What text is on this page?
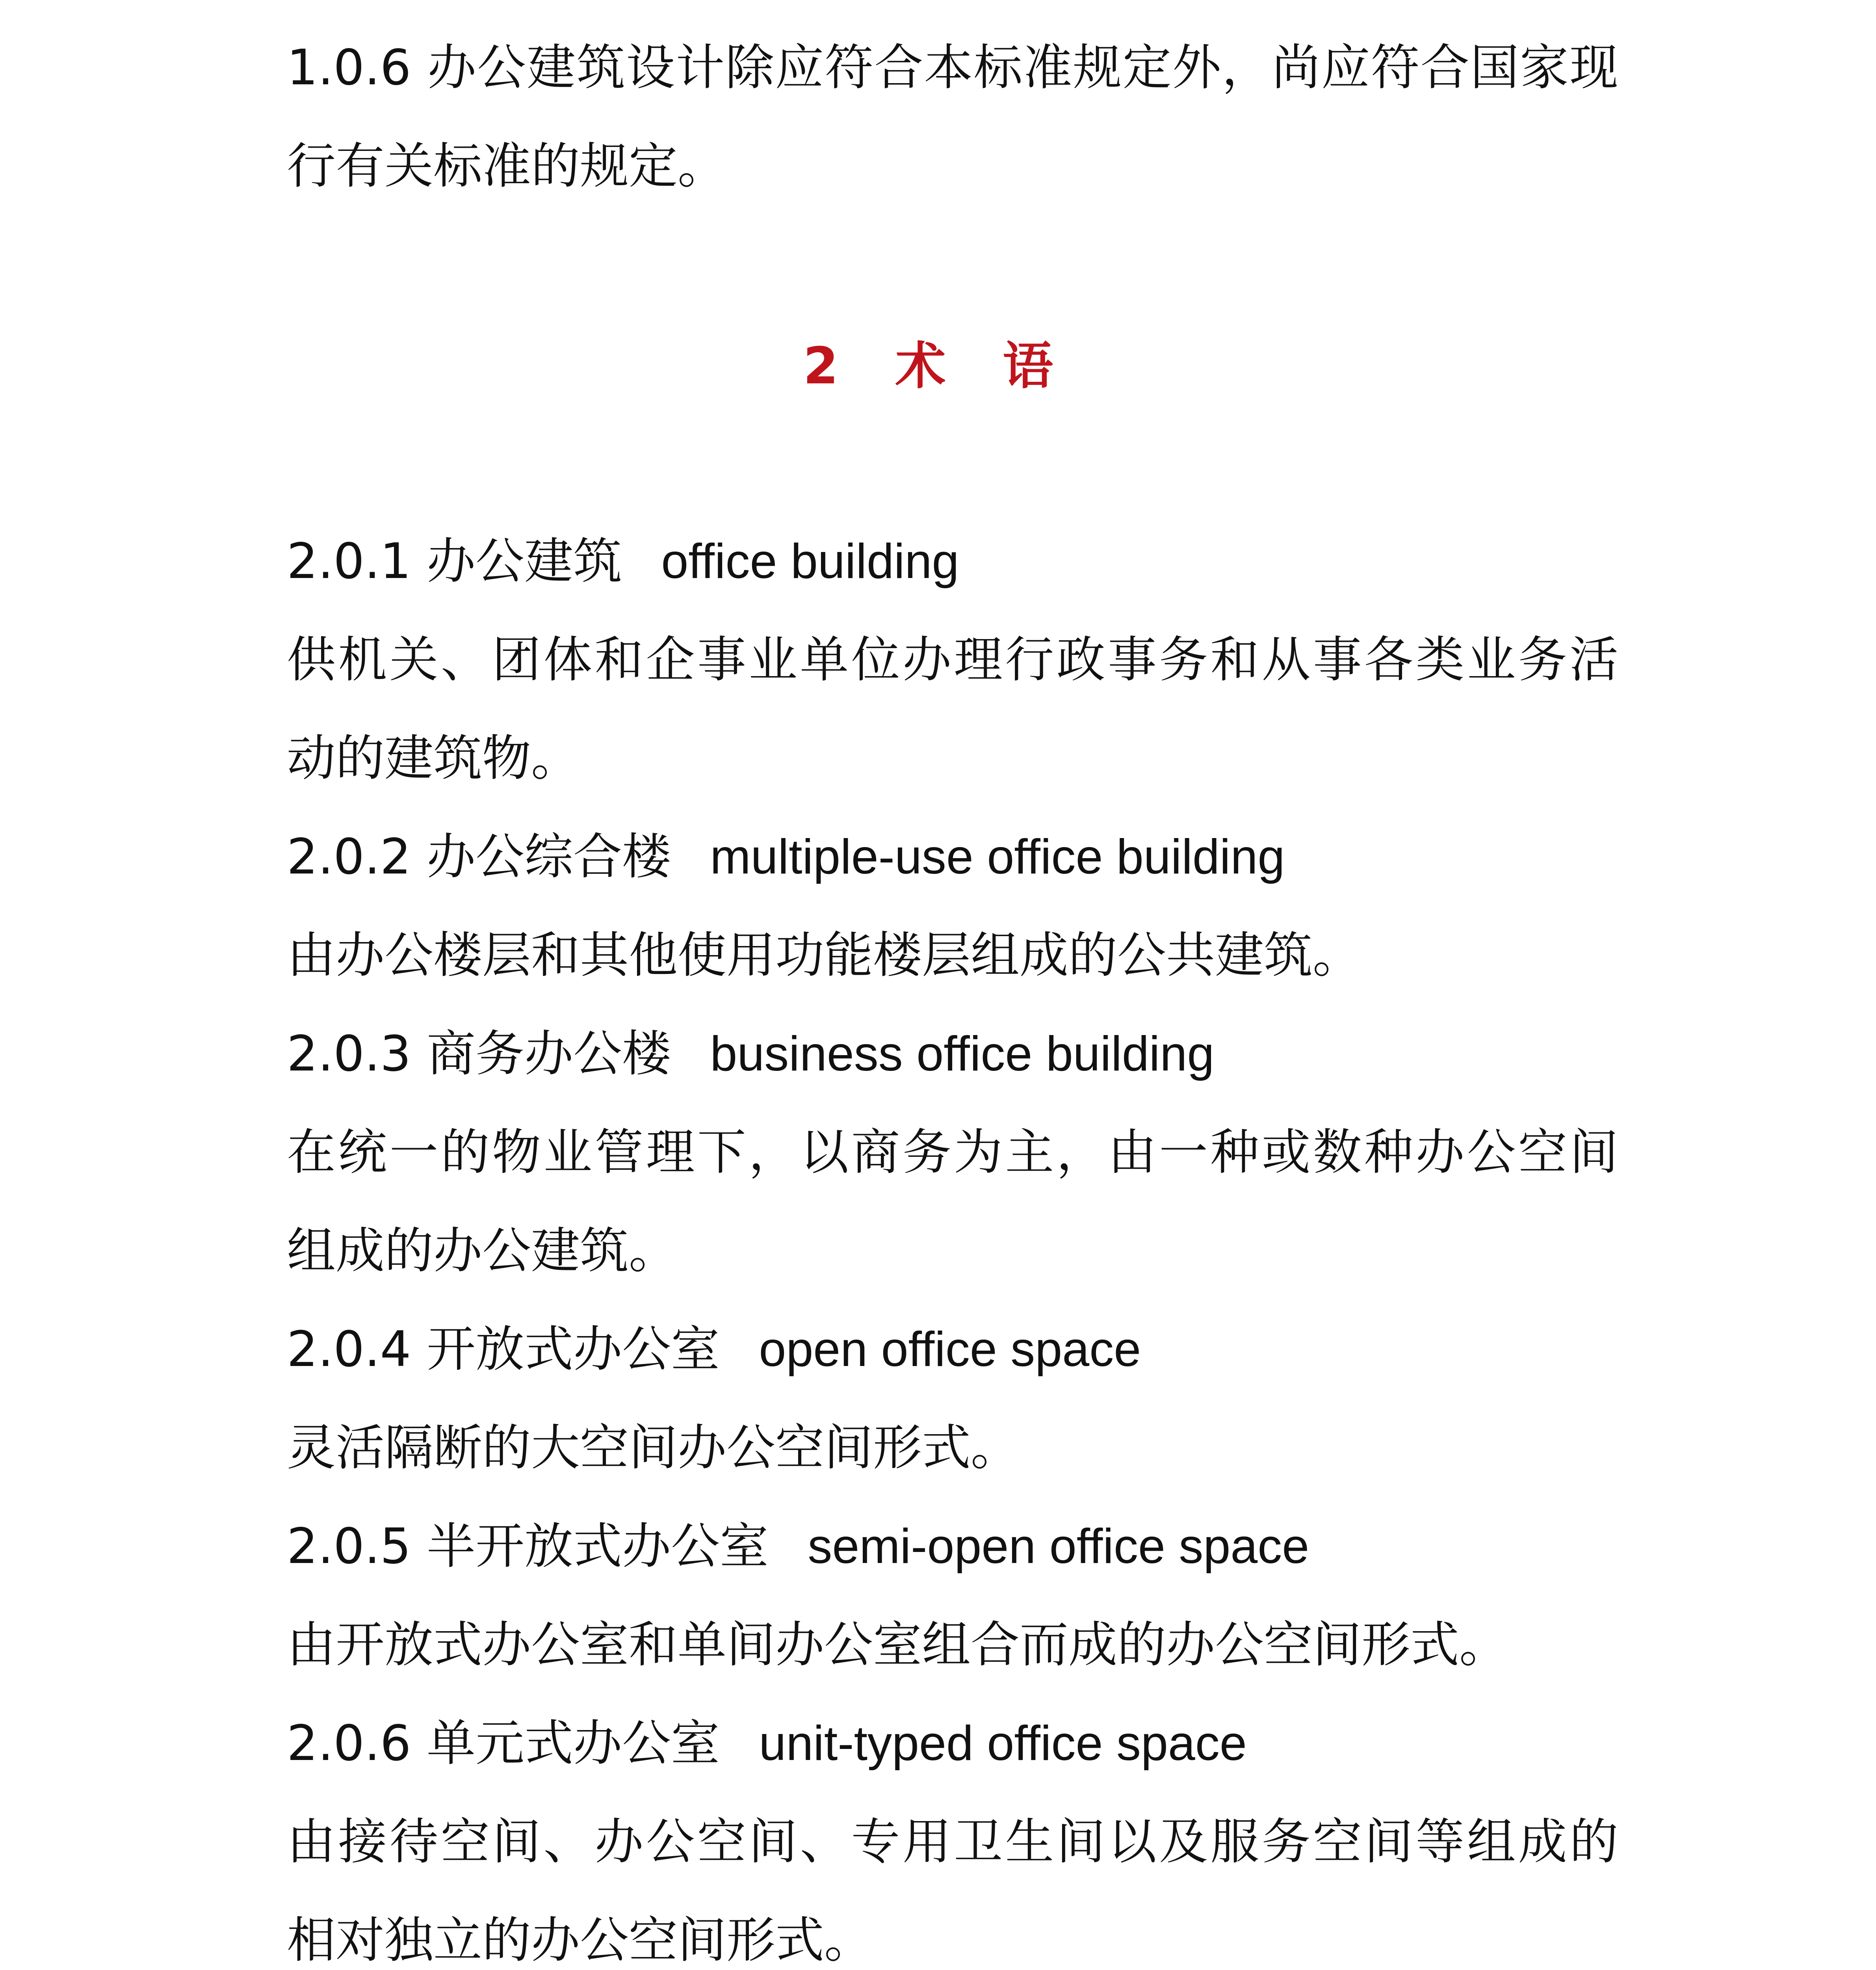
1.0.6 办公建筑设计除应符合本标准规定外，尚应符合国家现
行有关标准的规定。
2.0.1 办公建筑 office building
供机关、团体和企事业单位办理行政事务和从事各类业务活
动的建筑物。
2.0.2 办公综合楼 multiple-use office building
由办公楼层和其他使用功能楼层组成的公共建筑。
2.0.3 商务办公楼 business office building
在统一的物业管理下，以商务为主，由一种或数种办公空间
组成的办公建筑。
2.0.4 开放式办公室 open office space
灵活隔断的大空间办公空间形式。
2.0.5 半开放式办公室 semi-open office space
由开放式办公室和单间办公室组合而成的办公空间形式。
2.0.6 单元式办公室 unit-typed office space
由接待空间、办公空间、专用卫生间以及服务空间等组成的
相对独立的办公空间形式。
2 术 语
